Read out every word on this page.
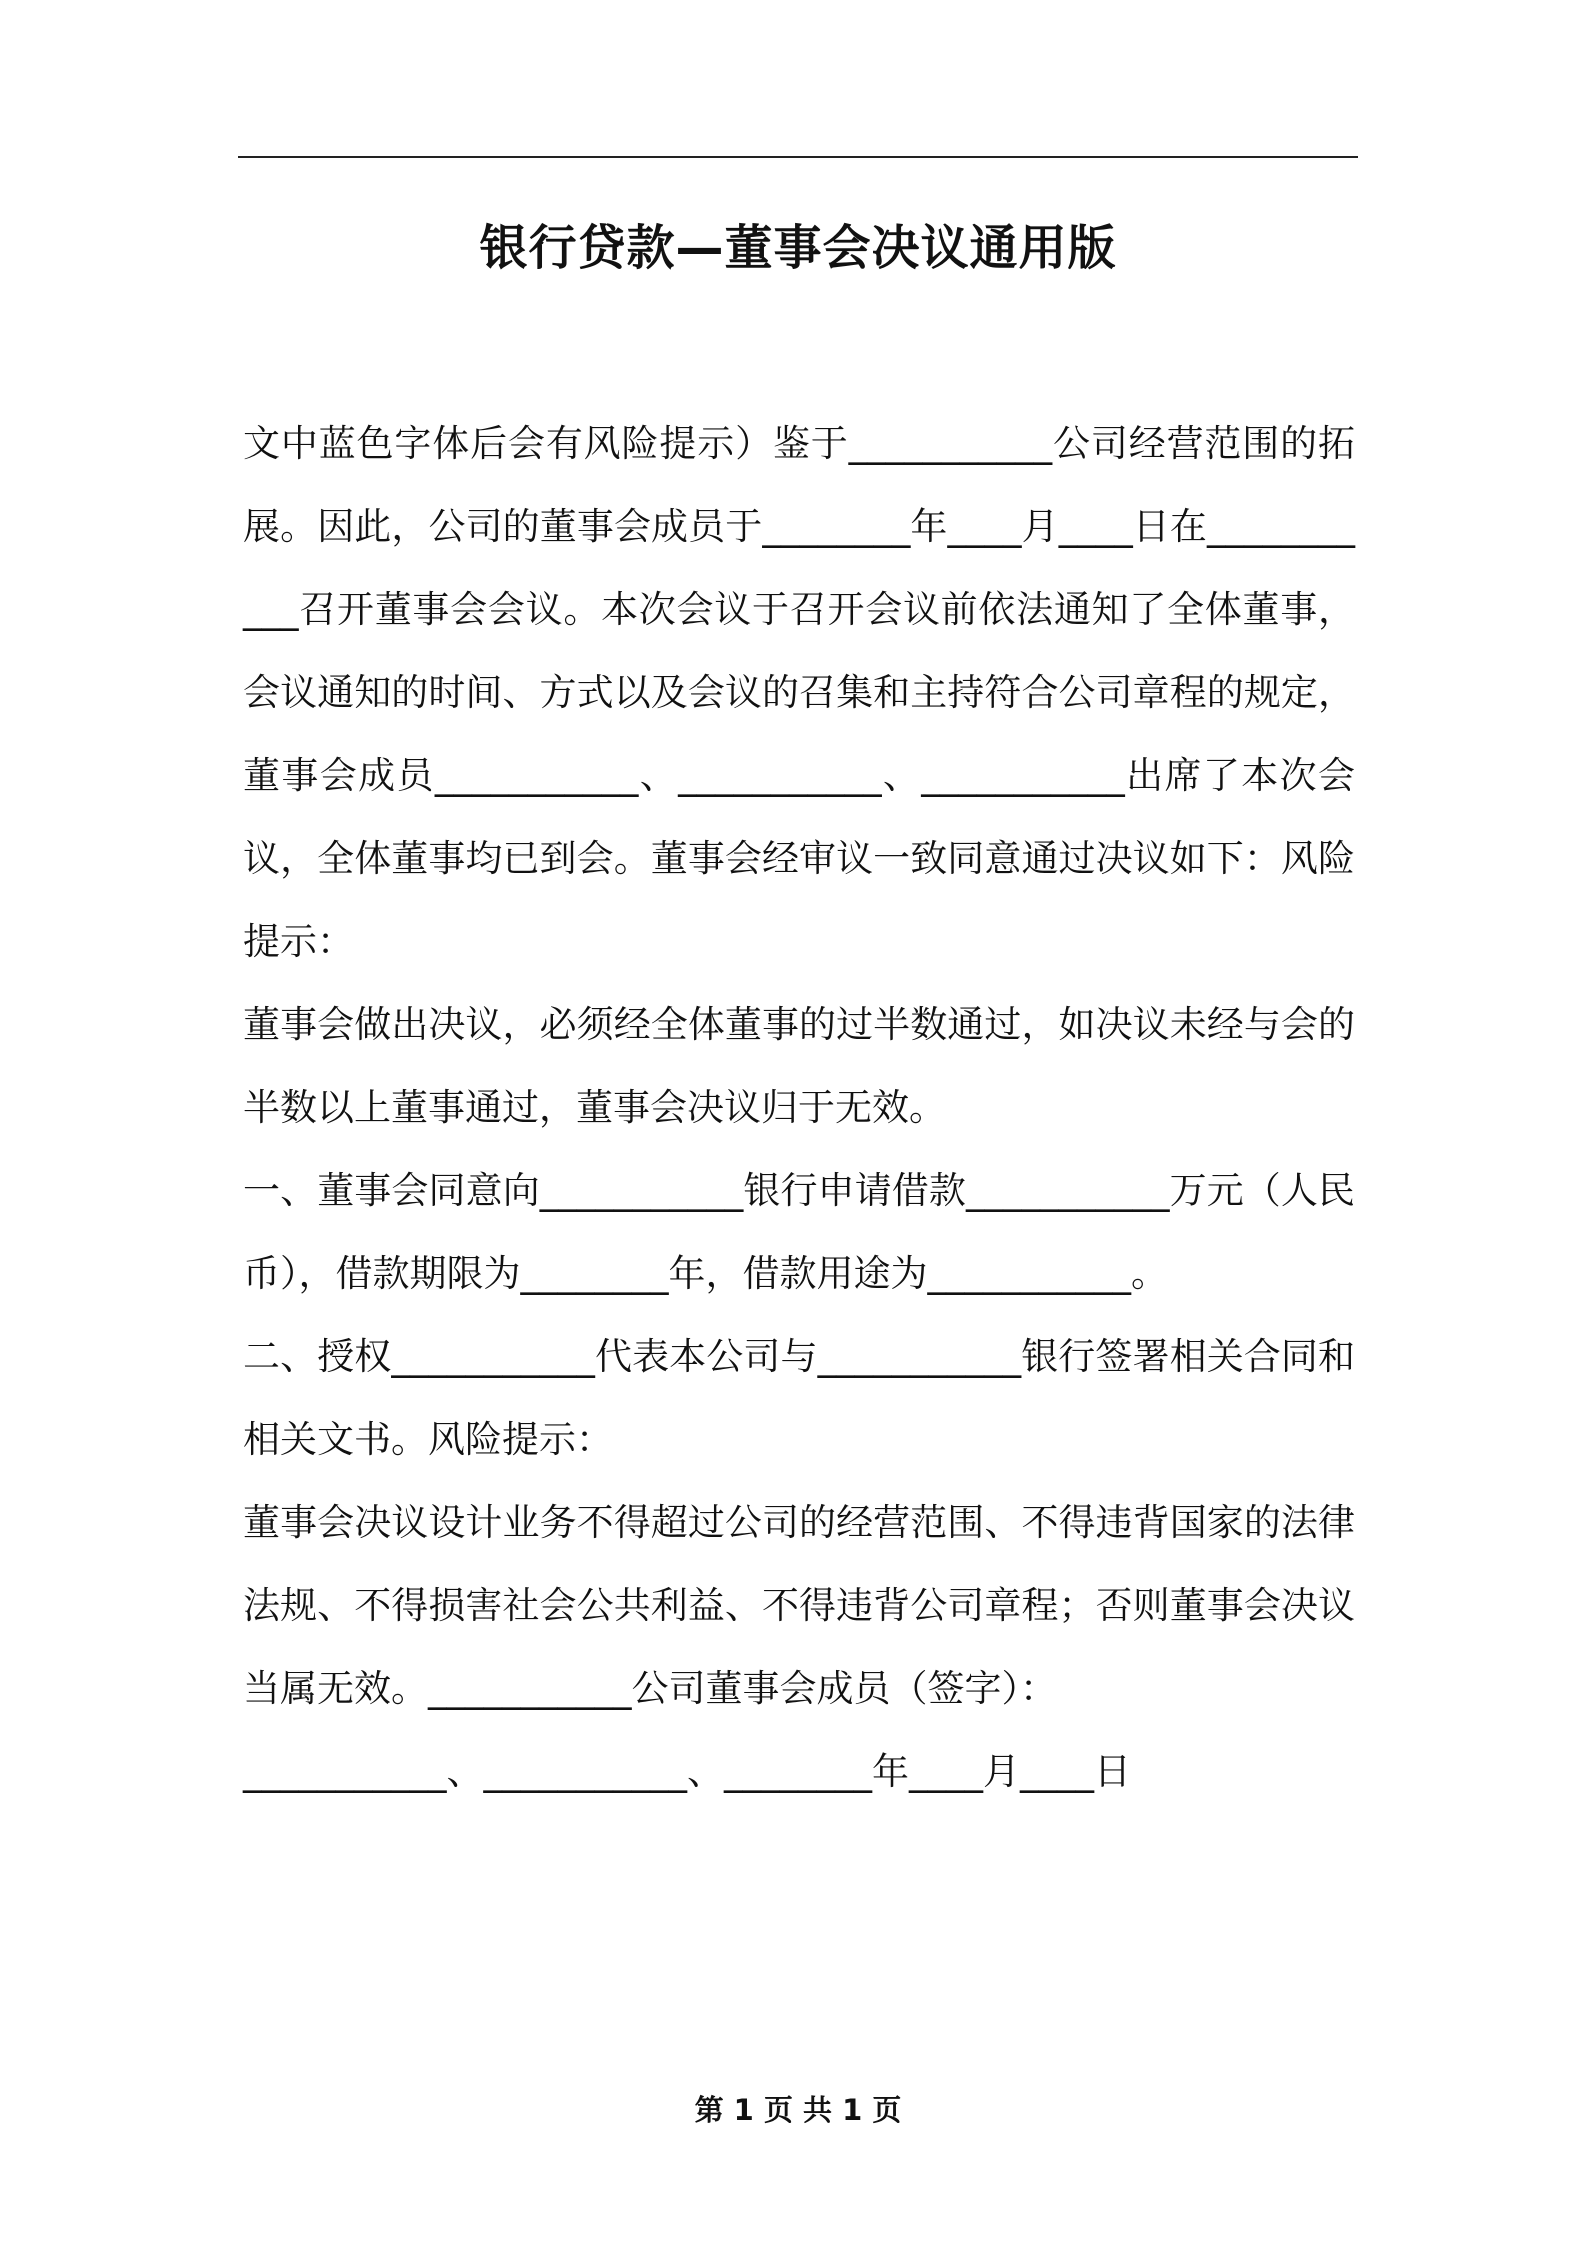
银行贷款—董事会决议通用版

文中蓝色字体后会有风险提示）鉴于___________公司经营范围的拓展。因此，公司的董事会成员于________年____月____日在___________召开董事会会议。本次会议于召开会议前依法通知了全体董事，会议通知的时间、方式以及会议的召集和主持符合公司章程的规定，董事会成员___________、___________、___________出席了本次会议，全体董事均已到会。董事会经审议一致同意通过决议如下：风险提示：

董事会做出决议，必须经全体董事的过半数通过，如决议未经与会的半数以上董事通过，董事会决议归于无效。

一、董事会同意向___________银行申请借款___________万元（人民币），借款期限为________年，借款用途为___________。

二、授权___________代表本公司与___________银行签署相关合同和相关文书。风险提示：

董事会决议设计业务不得超过公司的经营范围、不得违背国家的法律法规、不得损害社会公共利益、不得违背公司章程；否则董事会决议当属无效。___________公司董事会成员（签字）：

___________、___________、________年____月____日

第 1 页 共 1 页
